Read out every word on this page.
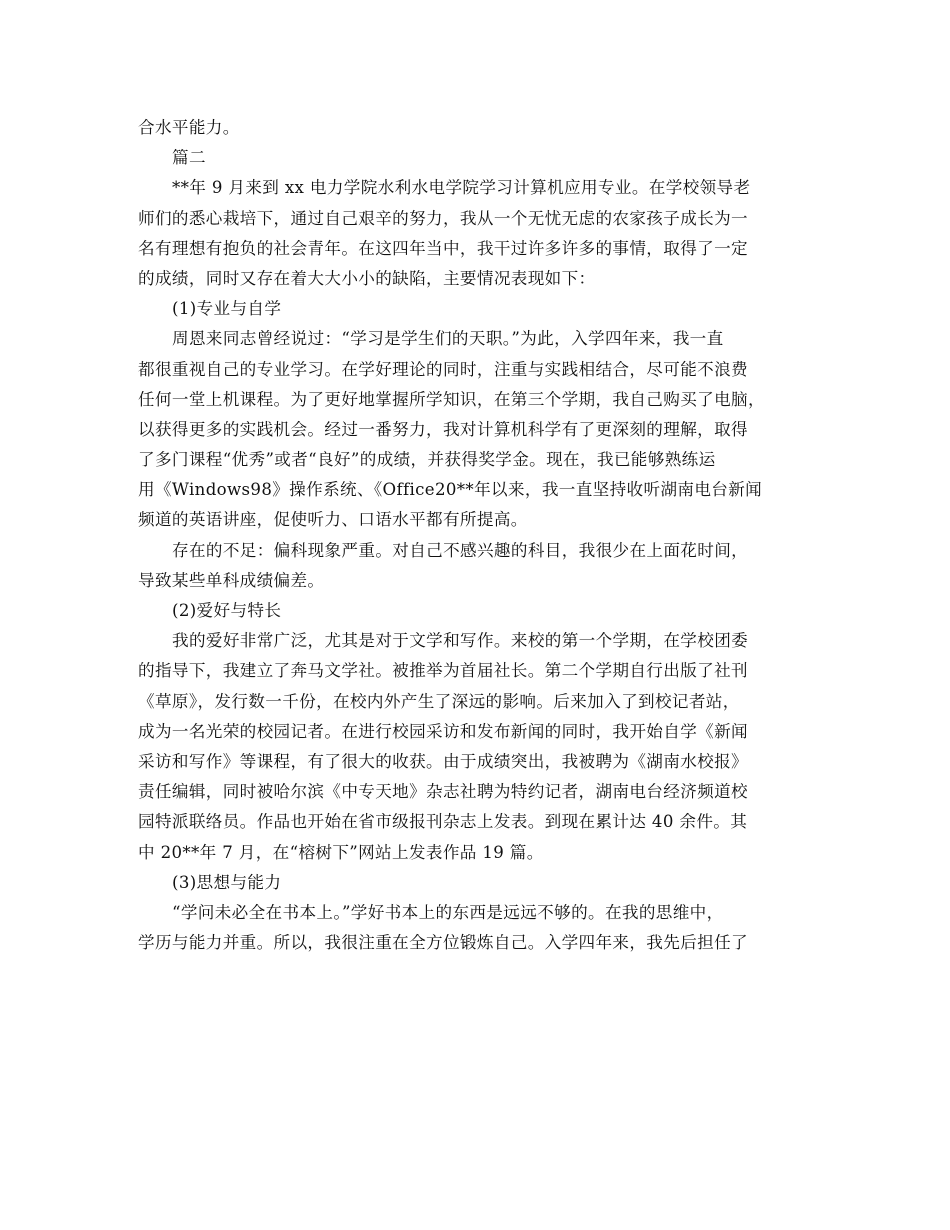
合水平能力。
篇二
**年 9 月来到 xx 电力学院水利水电学院学习计算机应用专业。在学校领导老
师们的悉心栽培下，通过自己艰辛的努力，我从一个无忧无虑的农家孩子成长为一
名有理想有抱负的社会青年。在这四年当中，我干过许多许多的事情，取得了一定
的成绩，同时又存在着大大小小的缺陷，主要情况表现如下：
(1)专业与自学
周恩来同志曾经说过：“学习是学生们的天职。”为此，入学四年来，我一直
都很重视自己的专业学习。在学好理论的同时，注重与实践相结合，尽可能不浪费
任何一堂上机课程。为了更好地掌握所学知识，在第三个学期，我自己购买了电脑，
以获得更多的实践机会。经过一番努力，我对计算机科学有了更深刻的理解，取得
了多门课程“优秀”或者“良好”的成绩，并获得奖学金。现在，我已能够熟练运
用《Windows98》操作系统、《Office20**年以来，我一直坚持收听湖南电台新闻
频道的英语讲座，促使听力、口语水平都有所提高。
存在的不足：偏科现象严重。对自己不感兴趣的科目，我很少在上面花时间，
导致某些单科成绩偏差。
(2)爱好与特长
我的爱好非常广泛，尤其是对于文学和写作。来校的第一个学期，在学校团委
的指导下，我建立了奔马文学社。被推举为首届社长。第二个学期自行出版了社刊
《草原》，发行数一千份，在校内外产生了深远的影响。后来加入了到校记者站，
成为一名光荣的校园记者。在进行校园采访和发布新闻的同时，我开始自学《新闻
采访和写作》等课程，有了很大的收获。由于成绩突出，我被聘为《湖南水校报》
责任编辑，同时被哈尔滨《中专天地》杂志社聘为特约记者，湖南电台经济频道校
园特派联络员。作品也开始在省市级报刊杂志上发表。到现在累计达 40 余件。其
中 20**年 7 月，在“榕树下”网站上发表作品 19 篇。
(3)思想与能力
“学问未必全在书本上。”学好书本上的东西是远远不够的。在我的思维中，
学历与能力并重。所以，我很注重在全方位锻炼自己。入学四年来，我先后担任了
